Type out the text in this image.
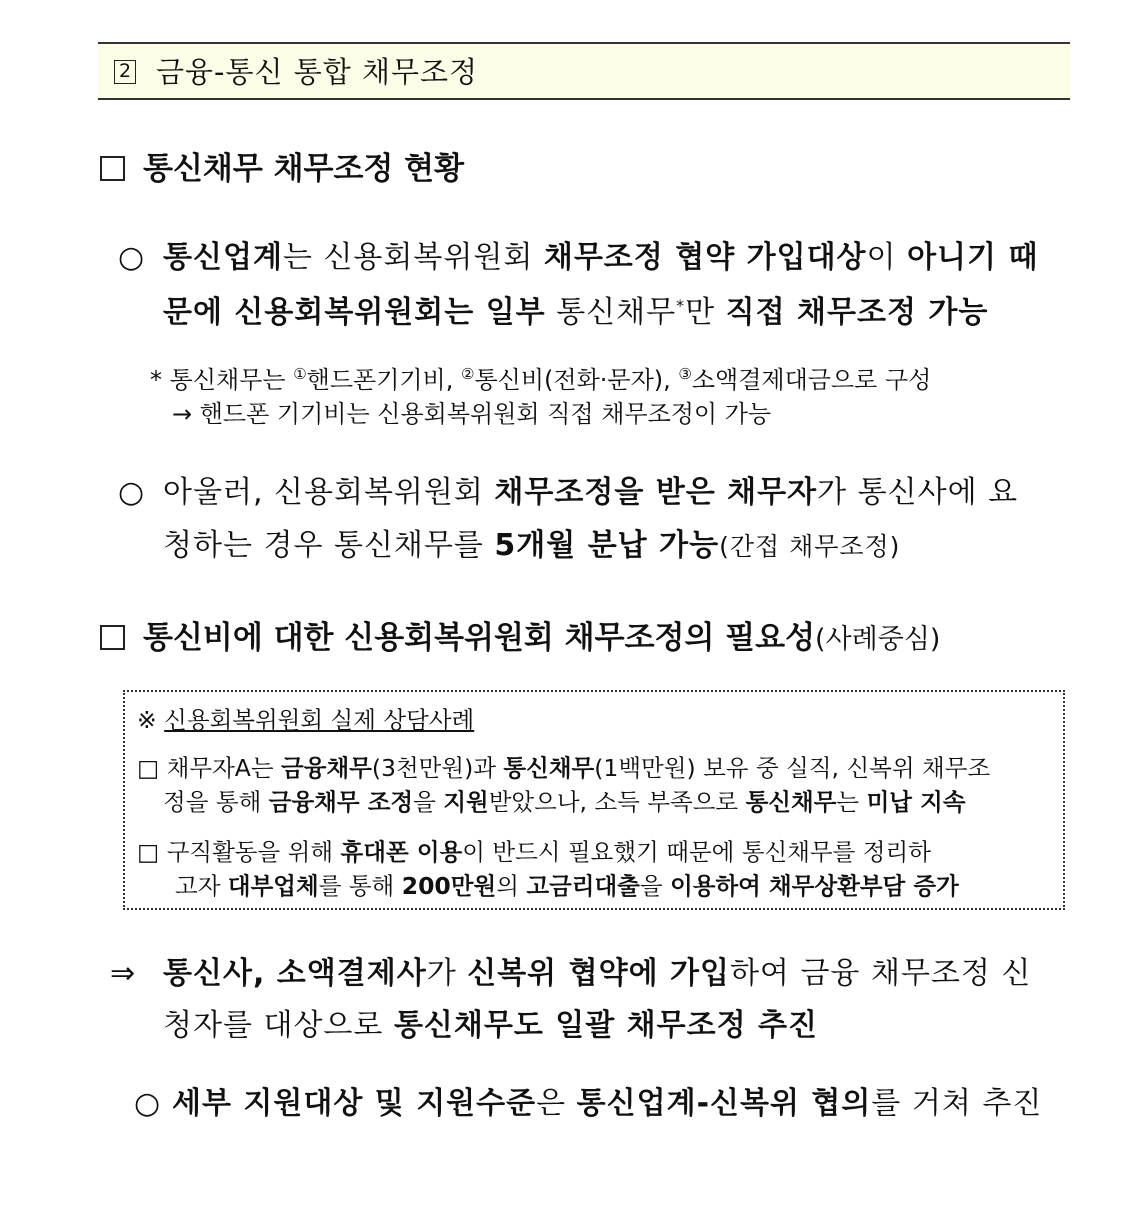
2 금융-통신 통합 채무조정
통신채무 채무조정 현황
○ 통신업계는 신용회복위원회 채무조정 협약 가입대상이 아니기 때
문에 신용회복위원회는 일부 통신채무*만 직접 채무조정 가능
* 통신채무는 ①핸드폰기기비, ②통신비(전화·문자), ③소액결제대금으로 구성
→ 핸드폰 기기비는 신용회복위원회 직접 채무조정이 가능
○ 아울러, 신용회복위원회 채무조정을 받은 채무자가 통신사에 요
청하는 경우 통신채무를 5개월 분납 가능(간접 채무조정)
통신비에 대한 신용회복위원회 채무조정의 필요성(사례중심)
※ 신용회복위원회 실제 상담사례
□ 채무자A는 금융채무(3천만원)과 통신채무(1백만원) 보유 중 실직, 신복위 채무조
정을 통해 금융채무 조정을 지원받았으나, 소득 부족으로 통신채무는 미납 지속
□ 구직활동을 위해 휴대폰 이용이 반드시 필요했기 때문에 통신채무를 정리하
고자 대부업체를 통해 200만원의 고금리대출을 이용하여 채무상환부담 증가
⇒ 통신사, 소액결제사가 신복위 협약에 가입하여 금융 채무조정 신
청자를 대상으로 통신채무도 일괄 채무조정 추진
○ 세부 지원대상 및 지원수준은 통신업계-신복위 협의를 거쳐 추진
